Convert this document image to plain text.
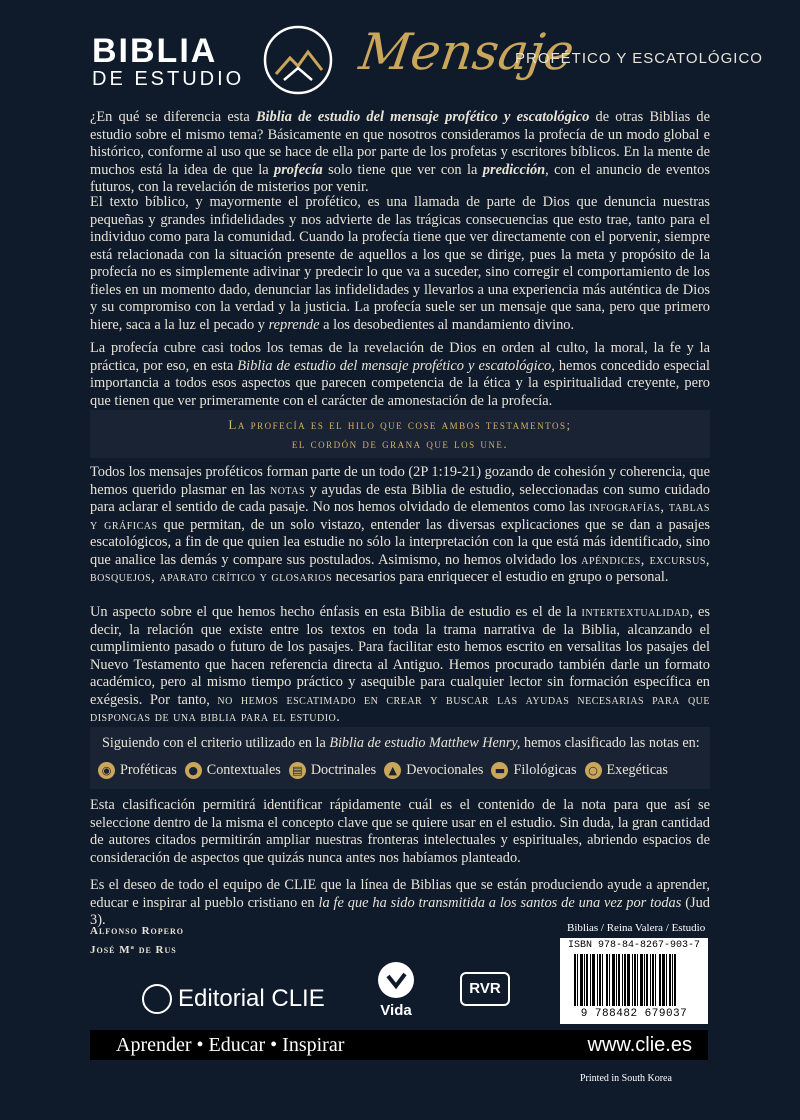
BIBLIA
DE ESTUDIO Mensaje
PROFÉTICO Y ESCATOLÓGICO

¿En qué se diferencia esta Biblia de estudio del mensaje profético y escatológico de otras Biblias de estudio sobre el mismo tema? Básicamente en que nosotros consideramos la profecía de un modo global e histórico, conforme al uso que se hace de ella por parte de los profetas y escritores bíblicos. En la mente de muchos está la idea de que la profecía solo tiene que ver con la predicción, con el anuncio de eventos futuros, con la revelación de misterios por venir.

El texto bíblico, y mayormente el profético, es una llamada de parte de Dios que denuncia nuestras pequeñas y grandes infidelidades y nos advierte de las trágicas consecuencias que esto trae, tanto para el individuo como para la comunidad. Cuando la profecía tiene que ver directamente con el porvenir, siempre está relacionada con la situación presente de aquellos a los que se dirige, pues la meta y propósito de la profecía no es simplemente adivinar y predecir lo que va a suceder, sino corregir el comportamiento de los fieles en un momento dado, denunciar las infidelidades y llevarlos a una experiencia más auténtica de Dios y su compromiso con la verdad y la justicia. La profecía suele ser un mensaje que sana, pero que primero hiere, saca a la luz el pecado y reprende a los desobedientes al mandamiento divino.

La profecía cubre casi todos los temas de la revelación de Dios en orden al culto, la moral, la fe y la práctica, por eso, en esta Biblia de estudio del mensaje profético y escatológico, hemos concedido especial importancia a todos esos aspectos que parecen competencia de la ética y la espiritualidad creyente, pero que tienen que ver primeramente con el carácter de amonestación de la profecía.

La profecía es el hilo que cose ambos testamentos;
el cordón de grana que los une.

Todos los mensajes proféticos forman parte de un todo (2P 1:19-21) gozando de cohesión y coherencia, que hemos querido plasmar en las notas y ayudas de esta Biblia de estudio, seleccionadas con sumo cuidado para aclarar el sentido de cada pasaje. No nos hemos olvidado de elementos como las infografías, tablas y gráficas que permitan, de un solo vistazo, entender las diversas explicaciones que se dan a pasajes escatológicos, a fin de que quien lea estudie no sólo la interpretación con la que está más identificado, sino que analice las demás y compare sus postulados. Asimismo, no hemos olvidado los apéndices, excursus, bosquejos, aparato crítico y glosarios necesarios para enriquecer el estudio en grupo o personal.

Un aspecto sobre el que hemos hecho énfasis en esta Biblia de estudio es el de la intertextualidad, es decir, la relación que existe entre los textos en toda la trama narrativa de la Biblia, alcanzando el cumplimiento pasado o futuro de los pasajes. Para facilitar esto hemos escrito en versalitas los pasajes del Nuevo Testamento que hacen referencia directa al Antiguo. Hemos procurado también darle un formato académico, pero al mismo tiempo práctico y asequible para cualquier lector sin formación específica en exégesis. Por tanto, no hemos escatimado en crear y buscar las ayudas necesarias para que dispongas de una biblia para el estudio.

Siguiendo con el criterio utilizado en la Biblia de estudio Matthew Henry, hemos clasificado las notas en:
◉ Proféticas	● Contextuales ▤ Doctrinales	▲ Devocionales ▬ Filológicas	○ Exegéticas

Esta clasificación permitirá identificar rápidamente cuál es el contenido de la nota para que así se seleccione dentro de la misma el concepto clave que se quiere usar en el estudio. Sin duda, la gran cantidad de autores citados permitirán ampliar nuestras fronteras intelectuales y espirituales, abriendo espacios de consideración de aspectos que quizás nunca antes nos habíamos planteado.

Es el deseo de todo el equipo de CLIE que la línea de Biblias que se están produciendo ayude a aprender, educar e inspirar al pueblo cristiano en la fe que ha sido transmitida a los santos de una vez por todas (Jud 3).

Alfonso Ropero
José Mª de Rus
Editorial CLIE	Vida
RVR
Biblias / Reina Valera / Estudio
ISBN 978-84-8267-903-7
9 788482 679037
Aprender • Educar • Inspirar	www.clie.es
Printed in South Korea
